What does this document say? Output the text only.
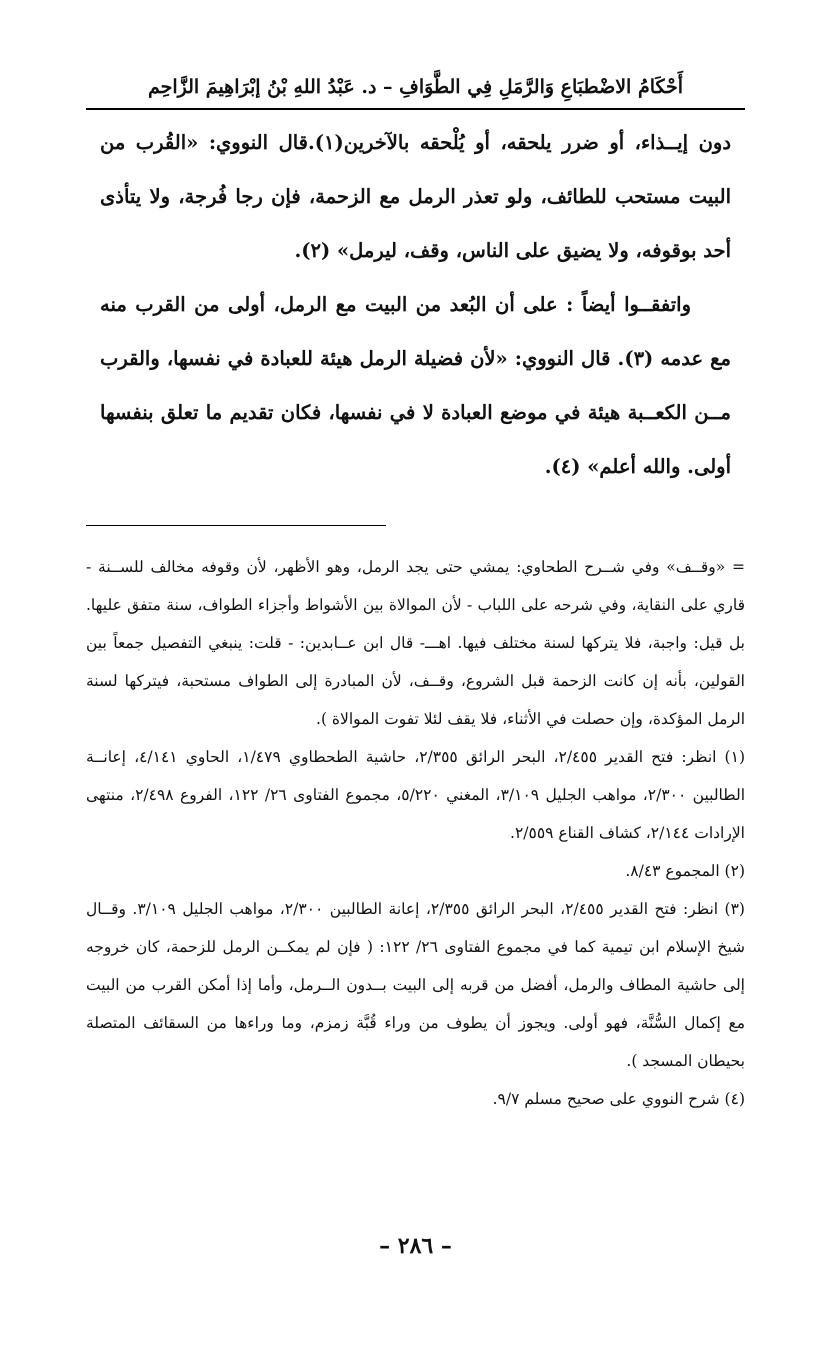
أَحْكَامُ الاضْطبَاعِ وَالرَّمَلِ فِي الطَّوَافِ – د. عَبْدُ اللهِ بْنُ إبْرَاهِيمَ الزَّاحِم

دون إيــذاء، أو ضرر يلحقه، أو يُلْحقه بالآخرين(١).قال النووي: «القُرب من البيت مستحب للطائف، ولو تعذر الرمل مع الزحمة، فإن رجا فُرجة، ولا يتأذى أحد بوقوفه، ولا يضيق على الناس، وقف، ليرمل» (٢).

واتفقــوا أيضاً : على أن البُعد من البيت مع الرمل، أولى من القرب منه مع عدمه (٣). قال النووي: «لأن فضيلة الرمل هيئة للعبادة في نفسها، والقرب مــن الكعــبة هيئة في موضع العبادة لا في نفسها، فكان تقديم ما تعلق بنفسها أولى. والله أعلم» (٤).

= «وقــف» وفي شــرح الطحاوي: يمشي حتى يجد الرمل، وهو الأظهر، لأن وقوفه مخالف للســنة - قاري على النقاية، وفي شرحه على اللباب - لأن الموالاة بين الأشواط وأجزاء الطواف، سنة متفق عليها. بل قيل: واجبة، فلا يتركها لسنة مختلف فيها. اهـــ- قال ابن عــابدين: - قلت: ينبغي التفصيل جمعاً بين القولين، بأنه إن كانت الزحمة قبل الشروع، وقــف، لأن المبادرة إلى الطواف مستحبة، فيتركها لسنة الرمل المؤكدة، وإن حصلت في الأثناء، فلا يقف لئلا تفوت الموالاة ).

(١) انظر: فتح القدير ٢/٤٥٥، البحر الرائق ٢/٣٥٥، حاشية الطحطاوي ١/٤٧٩، الحاوي ٤/١٤١، إعانــة الطالبين ٢/٣٠٠، مواهب الجليل ٣/١٠٩، المغني ٥/٢٢٠، مجموع الفتاوى ٢٦/ ١٢٢، الفروع ٢/٤٩٨، منتهى الإرادات ٢/١٤٤، كشاف القناع ٢/٥٥٩.

(٢) المجموع ٨/٤٣.

(٣) انظر: فتح القدير ٢/٤٥٥، البحر الرائق ٢/٣٥٥، إعانة الطالبين ٢/٣٠٠، مواهب الجليل ٣/١٠٩. وقــال شيخ الإسلام ابن تيمية كما في مجموع الفتاوى ٢٦/ ١٢٢: ( فإن لم يمكــن الرمل للزحمة، كان خروجه إلى حاشية المطاف والرمل، أفضل من قربه إلى البيت بــدون الــرمل، وأما إذا أمكن القرب من البيت مع إكمال السُّنَّة، فهو أولى. ويجوز أن يطوف من وراء قُبَّة زمزم، وما وراءها من السقائف المتصلة بحيطان المسجد ).

(٤) شرح النووي على صحيح مسلم ٩/٧.

– ٢٨٦ –
